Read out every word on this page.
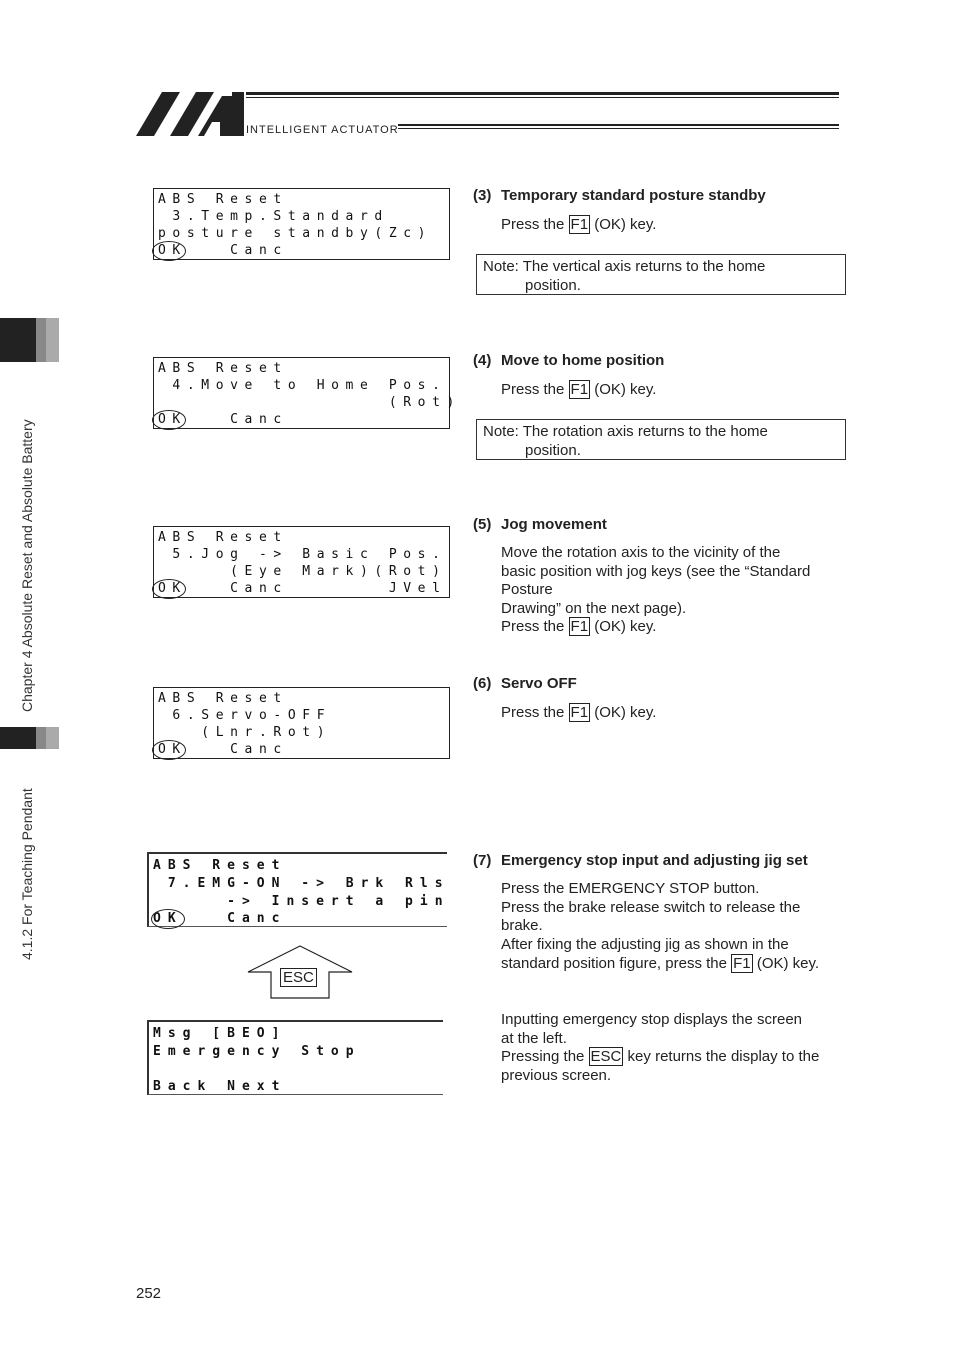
INTELLIGENT ACTUATOR
Chapter 4 Absolute Reset and Absolute Battery
4.1.2 For Teaching Pendant
ABS Reset
3.Temp.Standard
posture standby(Zc)
OK   Canc
ABS Reset
4.Move to Home Pos.
(Rot)
OK   Canc
ABS Reset
5.Jog -> Basic Pos.
(Eye Mark)(Rot)
OK   Canc       JVel
ABS Reset
6.Servo-OFF
(Lnr.Rot)
OK   Canc
ABS Reset
7.EMG-ON -> Brk Rls
-> Insert a pin
OK   Canc
ESC
Msg [BEO]
Emergency Stop
Back Next
(3) Temporary standard posture standby

Press the F1 (OK) key.

Note: The vertical axis returns to the home
position.
(4) Move to home position

Press the F1 (OK) key.

Note: The rotation axis returns to the home
position.
(5) Jog movement

Move the rotation axis to the vicinity of the

basic position with jog keys (see the “Standard

Posture

Drawing” on the next page).

Press the F1 (OK) key.

(6) Servo OFF

Press the F1 (OK) key.

(7) Emergency stop input and adjusting jig set

Press the EMERGENCY STOP button.

Press the brake release switch to release the

brake.

After fixing the adjusting jig as shown in the

standard position figure, press the F1 (OK) key.

Inputting emergency stop displays the screen

at the left.

Pressing the ESC key returns the display to the

previous screen.

252
